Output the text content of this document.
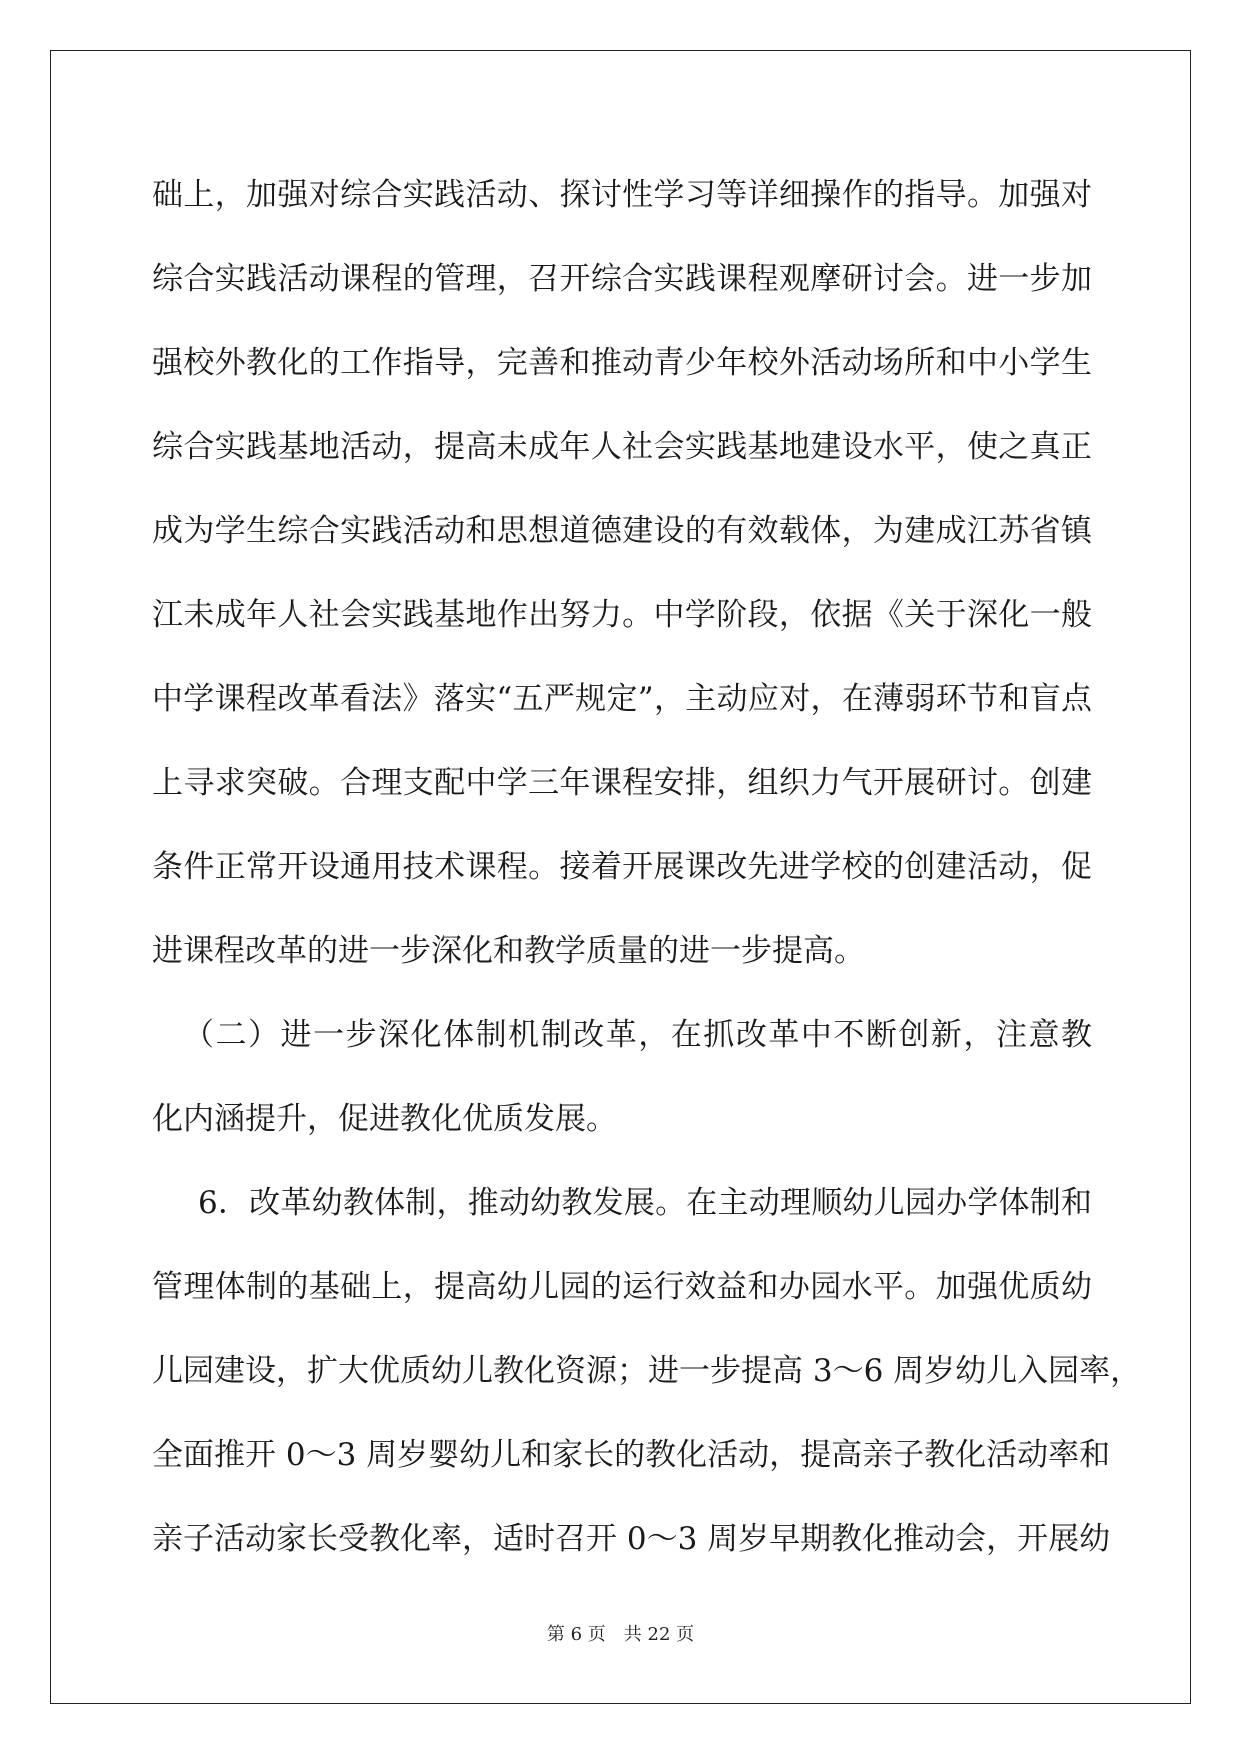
础上，加强对综合实践活动、探讨性学习等详细操作的指导。加强对
综合实践活动课程的管理，召开综合实践课程观摩研讨会。进一步加
强校外教化的工作指导，完善和推动青少年校外活动场所和中小学生
综合实践基地活动，提高未成年人社会实践基地建设水平，使之真正
成为学生综合实践活动和思想道德建设的有效载体，为建成江苏省镇
江未成年人社会实践基地作出努力。中学阶段，依据《关于深化一般
中学课程改革看法》落实“五严规定”，主动应对，在薄弱环节和盲点
上寻求突破。合理支配中学三年课程安排，组织力气开展研讨。创建
条件正常开设通用技术课程。接着开展课改先进学校的创建活动，促
进课程改革的进一步深化和教学质量的进一步提高。
（二）进一步深化体制机制改革，在抓改革中不断创新，注意教
化内涵提升，促进教化优质发展。
6．改革幼教体制，推动幼教发展。在主动理顺幼儿园办学体制和
管理体制的基础上，提高幼儿园的运行效益和办园水平。加强优质幼
儿园建设，扩大优质幼儿教化资源；进一步提高 3～6 周岁幼儿入园率，
全面推开 0～3 周岁婴幼儿和家长的教化活动，提高亲子教化活动率和
亲子活动家长受教化率，适时召开 0～3 周岁早期教化推动会，开展幼
第 6 页　共 22 页
